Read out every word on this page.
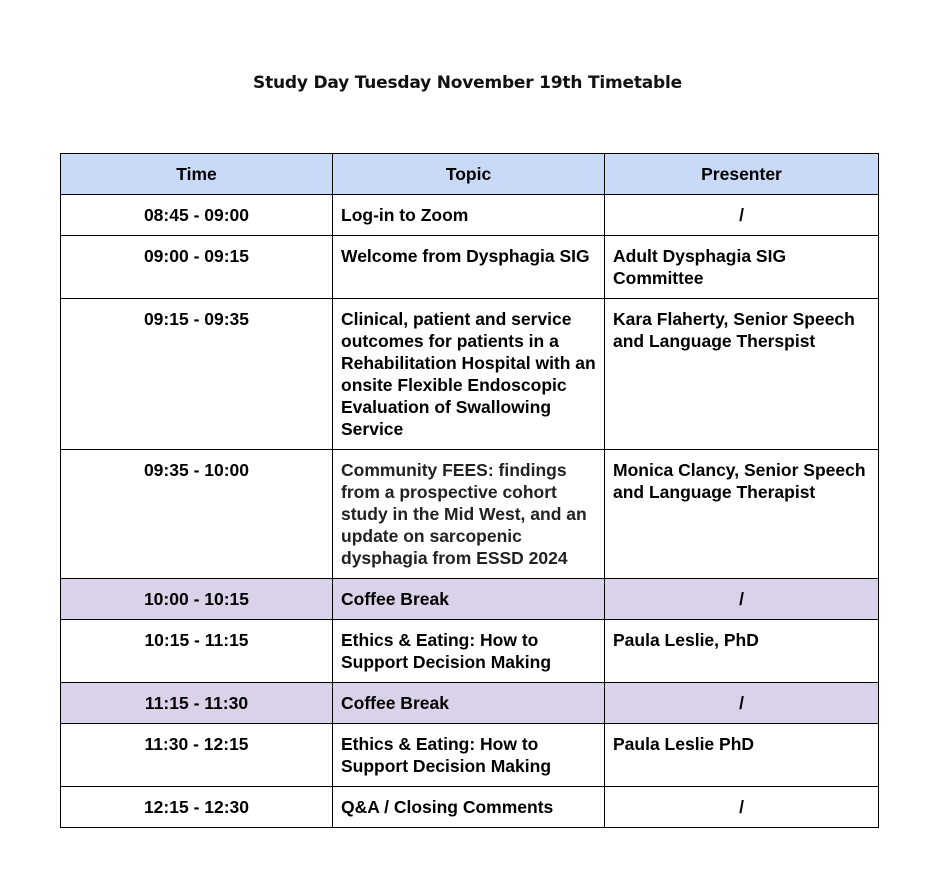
Study Day Tuesday November 19th Timetable
Time	Topic	Presenter
08:45 - 09:00	Log-in to Zoom	/
09:00 - 09:15	Welcome from Dysphagia SIG	Adult Dysphagia SIG Committee
09:15 - 09:35	Clinical, patient and service outcomes for patients in a Rehabilitation Hospital with an onsite Flexible Endoscopic Evaluation of Swallowing Service	Kara Flaherty, Senior Speech and Language Therspist
09:35 - 10:00	Community FEES: findings from a prospective cohort study in the Mid West, and an update on sarcopenic dysphagia from ESSD 2024	Monica Clancy, Senior Speech and Language Therapist
10:00 - 10:15	Coffee Break	/
10:15 - 11:15	Ethics & Eating: How to Support Decision Making	Paula Leslie, PhD
11:15 - 11:30	Coffee Break	/
11:30 - 12:15	Ethics & Eating: How to Support Decision Making	Paula Leslie PhD
12:15 - 12:30	Q&A / Closing Comments	/
